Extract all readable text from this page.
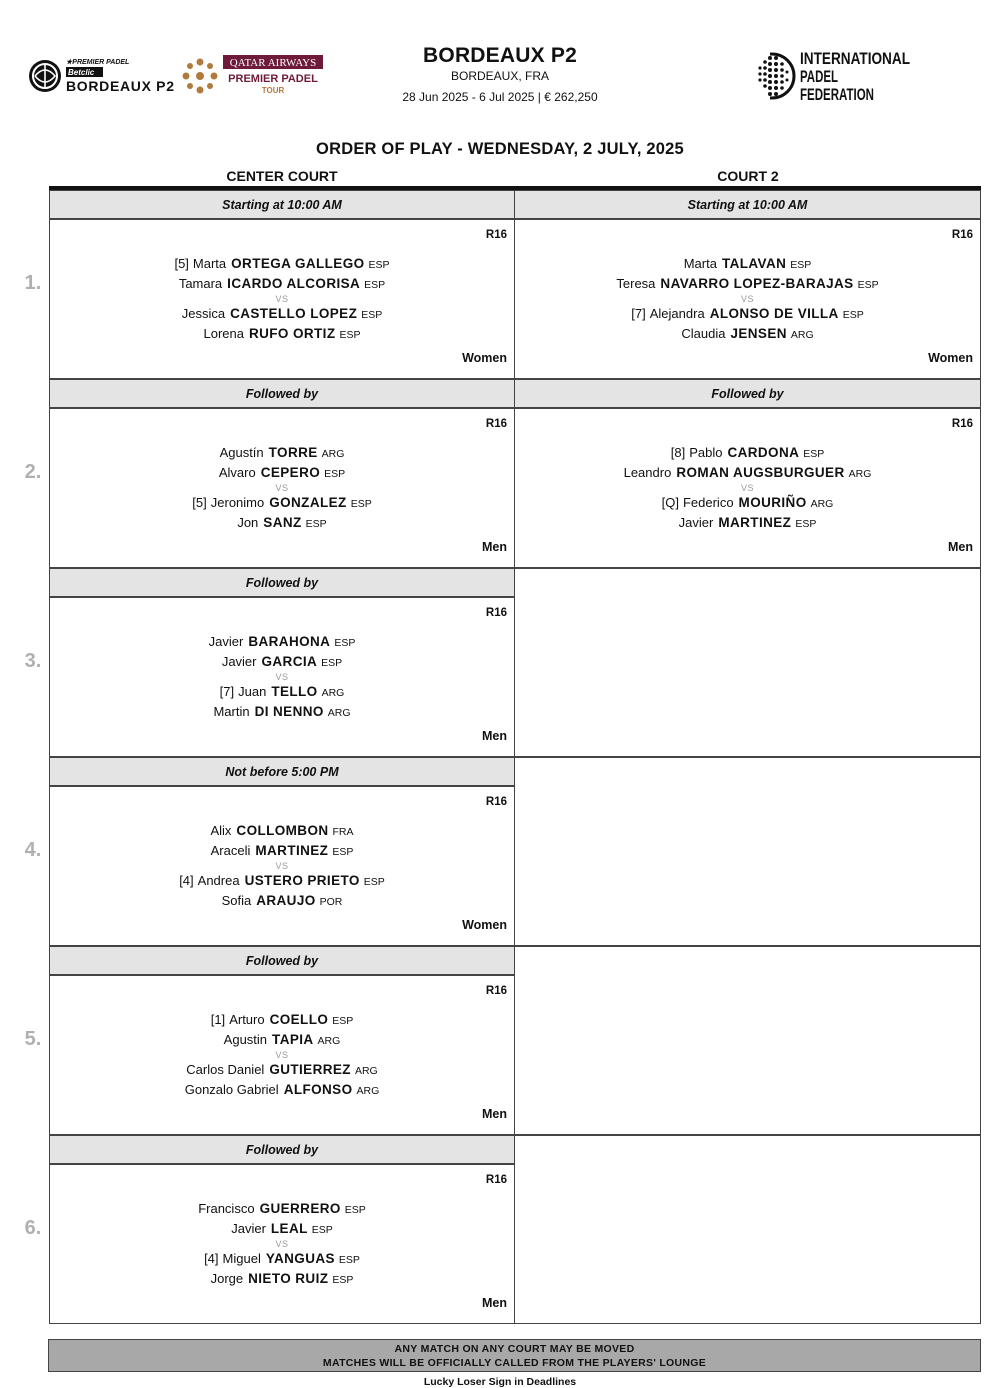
★PREMIER PADEL
Betclic
BORDEAUX P2
QATAR AIRWAYS
PREMIER PADEL
TOUR
BORDEAUX P2
BORDEAUX, FRA
28 Jun 2025 - 6 Jul 2025 | € 262,250
INTERNATIONAL
PADEL
FEDERATION
ORDER OF PLAY - WEDNESDAY, 2 JULY, 2025
CENTER COURT	COURT 2
1.
Starting at 10:00 AM
R16
[5] Marta ORTEGA GALLEGO ESP
Tamara ICARDO ALCORISA ESP
VS
Jessica CASTELLO LOPEZ ESP
Lorena RUFO ORTIZ ESP
Women
Starting at 10:00 AM
R16
Marta TALAVAN ESP
Teresa NAVARRO LOPEZ-BARAJAS ESP
VS
[7] Alejandra ALONSO DE VILLA ESP
Claudia JENSEN ARG
Women
2.
Followed by
R16
Agustín TORRE ARG
Alvaro CEPERO ESP
VS
[5] Jeronimo GONZALEZ ESP
Jon SANZ ESP
Men
Followed by
R16
[8] Pablo CARDONA ESP
Leandro ROMAN AUGSBURGUER ARG
VS
[Q] Federico MOURIÑO ARG
Javier MARTINEZ ESP
Men
3.
Followed by
R16
Javier BARAHONA ESP
Javier GARCIA ESP
VS
[7] Juan TELLO ARG
Martin DI NENNO ARG
Men
4.
Not before 5:00 PM
R16
Alix COLLOMBON FRA
Araceli MARTINEZ ESP
VS
[4] Andrea USTERO PRIETO ESP
Sofia ARAUJO POR
Women
5.
Followed by
R16
[1] Arturo COELLO ESP
Agustin TAPIA ARG
VS
Carlos Daniel GUTIERREZ ARG
Gonzalo Gabriel ALFONSO ARG
Men
6.
Followed by
R16
Francisco GUERRERO ESP
Javier LEAL ESP
VS
[4] Miguel YANGUAS ESP
Jorge NIETO RUIZ ESP
Men
ANY MATCH ON ANY COURT MAY BE MOVED
MATCHES WILL BE OFFICIALLY CALLED FROM THE PLAYERS' LOUNGE
Lucky Loser Sign in Deadlines
